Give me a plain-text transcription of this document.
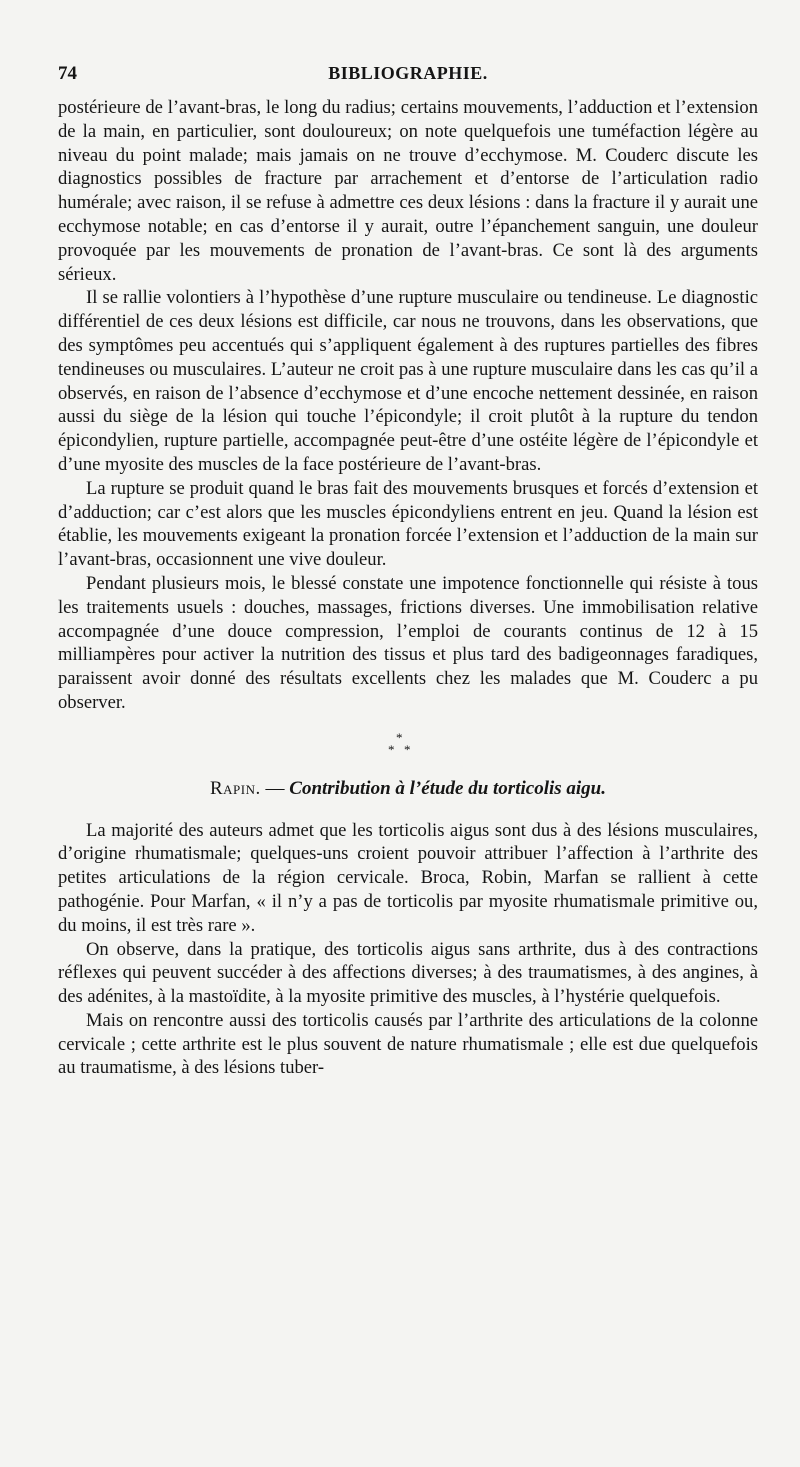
74	BIBLIOGRAPHIE.

postérieure de l’avant-bras, le long du radius; certains mouvements, l’adduction et l’extension de la main, en particulier, sont douloureux; on note quelquefois une tuméfaction légère au niveau du point malade; mais jamais on ne trouve d’ecchymose. M. Couderc discute les diagnostics possibles de fracture par arrachement et d’entorse de l’articulation radio humérale; avec raison, il se refuse à admettre ces deux lésions : dans la fracture il y aurait une ecchymose notable; en cas d’entorse il y aurait, outre l’épanchement sanguin, une douleur provoquée par les mouvements de pronation de l’avant-bras. Ce sont là des arguments sérieux.

Il se rallie volontiers à l’hypothèse d’une rupture musculaire ou tendineuse. Le diagnostic différentiel de ces deux lésions est difficile, car nous ne trouvons, dans les observations, que des symptômes peu accentués qui s’appliquent également à des ruptures partielles des fibres tendineuses ou musculaires. L’auteur ne croit pas à une rupture musculaire dans les cas qu’il a observés, en raison de l’absence d’ecchymose et d’une encoche nettement dessinée, en raison aussi du siège de la lésion qui touche l’épicondyle; il croit plutôt à la rupture du tendon épicondylien, rupture partielle, accompagnée peut-être d’une ostéite légère de l’épicondyle et d’une myosite des muscles de la face postérieure de l’avant-bras.

La rupture se produit quand le bras fait des mouvements brusques et forcés d’extension et d’adduction; car c’est alors que les muscles épicondyliens entrent en jeu. Quand la lésion est établie, les mouvements exigeant la pronation forcée l’extension et l’adduction de la main sur l’avant-bras, occasionnent une vive douleur.

Pendant plusieurs mois, le blessé constate une impotence fonctionnelle qui résiste à tous les traitements usuels : douches, massages, frictions diverses. Une immobilisation relative accompagnée d’une douce compression, l’emploi de courants continus de 12 à 15 milliampères pour activer la nutrition des tissus et plus tard des badigeonnages faradiques, paraissent avoir donné des résultats excellents chez les malades que M. Couderc a pu observer.

*
* *
Rapin. — Contribution à l’étude du torticolis aigu.

La majorité des auteurs admet que les torticolis aigus sont dus à des lésions musculaires, d’origine rhumatismale; quelques-uns croient pouvoir attribuer l’affection à l’arthrite des petites articulations de la région cervicale. Broca, Robin, Marfan se rallient à cette pathogénie. Pour Marfan, « il n’y a pas de torticolis par myosite rhumatismale primitive ou, du moins, il est très rare ».

On observe, dans la pratique, des torticolis aigus sans arthrite, dus à des contractions réflexes qui peuvent succéder à des affections diverses; à des traumatismes, à des angines, à des adénites, à la mastoïdite, à la myosite primitive des muscles, à l’hystérie quelquefois.

Mais on rencontre aussi des torticolis causés par l’arthrite des articulations de la colonne cervicale ; cette arthrite est le plus souvent de nature rhumatismale ; elle est due quelquefois au traumatisme, à des lésions tuber-
